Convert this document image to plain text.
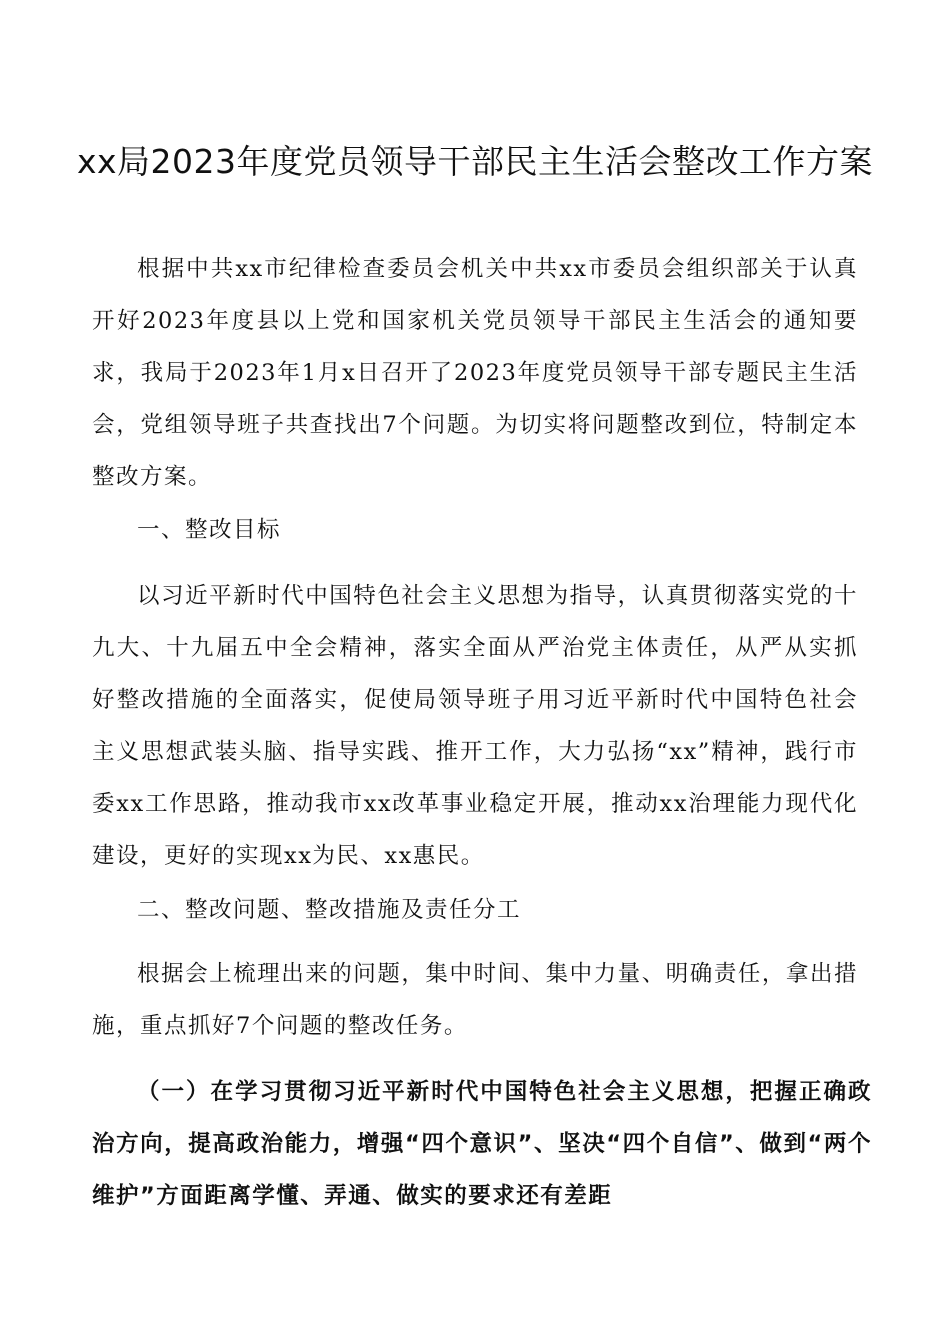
xx局2023年度党员领导干部民主生活会整改工作方案

根据中共xx市纪律检查委员会机关中共xx市委员会组织部关于认真开好2023年度县以上党和国家机关党员领导干部民主生活会的通知要求，我局于2023年1月x日召开了2023年度党员领导干部专题民主生活会，党组领导班子共查找出7个问题。为切实将问题整改到位，特制定本整改方案。

一、整改目标

以习近平新时代中国特色社会主义思想为指导，认真贯彻落实党的十九大、十九届五中全会精神，落实全面从严治党主体责任，从严从实抓好整改措施的全面落实，促使局领导班子用习近平新时代中国特色社会主义思想武装头脑、指导实践、推开工作，大力弘扬“xx”精神，践行市委xx工作思路，推动我市xx改革事业稳定开展，推动xx治理能力现代化建设，更好的实现xx为民、xx惠民。

二、整改问题、整改措施及责任分工

根据会上梳理出来的问题，集中时间、集中力量、明确责任，拿出措施，重点抓好7个问题的整改任务。

（一）在学习贯彻习近平新时代中国特色社会主义思想，把握正确政治方向，提高政治能力，增强“四个意识”、坚决“四个自信”、做到“两个维护”方面距离学懂、弄通、做实的要求还有差距
